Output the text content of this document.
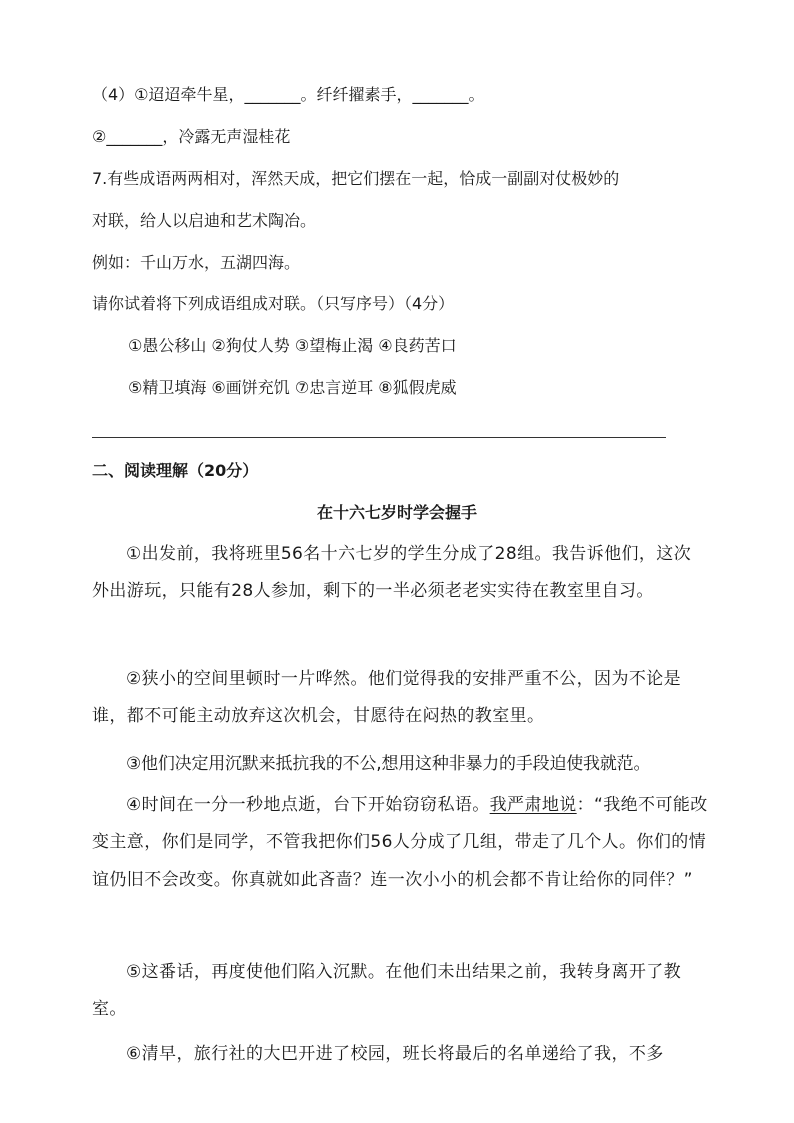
（4）①迢迢牵牛星，_______。纤纤擢素手，_______。
②_______，冷露无声湿桂花
7.有些成语两两相对，浑然天成，把它们摆在一起，恰成一副副对仗极妙的
对联，给人以启迪和艺术陶冶。
例如：千山万水，五湖四海。
请你试着将下列成语组成对联。（只写序号）（4分）
①愚公移山 ②狗仗人势 ③望梅止渴 ④良药苦口
⑤精卫填海 ⑥画饼充饥 ⑦忠言逆耳 ⑧狐假虎威
二、阅读理解（20分）
在十六七岁时学会握手

①出发前，我将班里56名十六七岁的学生分成了28组。我告诉他们，这次外出游玩，只能有28人参加，剩下的一半必须老老实实待在教室里自习。

②狭小的空间里顿时一片哗然。他们觉得我的安排严重不公，因为不论是谁，都不可能主动放弃这次机会，甘愿待在闷热的教室里。

③他们决定用沉默来抵抗我的不公,想用这种非暴力的手段迫使我就范。

④时间在一分一秒地点逝，台下开始窃窃私语。我严肃地说：“我绝不可能改变主意，你们是同学，不管我把你们56人分成了几组，带走了几个人。你们的情谊仍旧不会改变。你真就如此吝啬？连一次小小的机会都不肯让给你的同伴？”

⑤这番话，再度使他们陷入沉默。在他们未出结果之前，我转身离开了教室。

⑥清早，旅行社的大巴开进了校园，班长将最后的名单递给了我，不多
